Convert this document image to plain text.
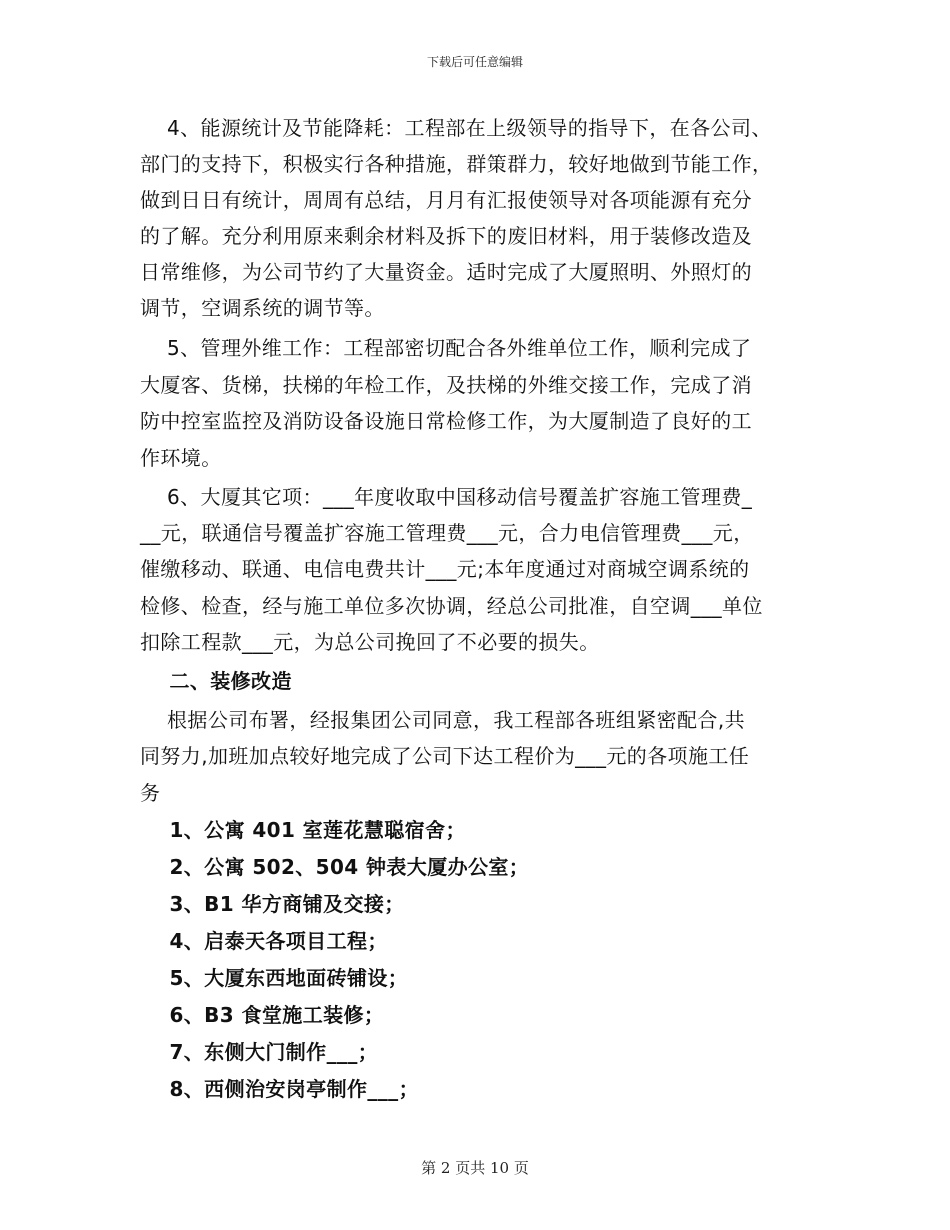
下载后可任意编辑
4、能源统计及节能降耗：工程部在上级领导的指导下，在各公司、
部门的支持下，积极实行各种措施，群策群力，较好地做到节能工作，
做到日日有统计，周周有总结，月月有汇报使领导对各项能源有充分
的了解。充分利用原来剩余材料及拆下的废旧材料，用于装修改造及
日常维修，为公司节约了大量资金。适时完成了大厦照明、外照灯的
调节，空调系统的调节等。
5、管理外维工作：工程部密切配合各外维单位工作，顺利完成了
大厦客、货梯，扶梯的年检工作，及扶梯的外维交接工作，完成了消
防中控室监控及消防设备设施日常检修工作，为大厦制造了良好的工
作环境。
6、大厦其它项：___年度收取中国移动信号覆盖扩容施工管理费_
__元，联通信号覆盖扩容施工管理费___元，合力电信管理费___元，
催缴移动、联通、电信电费共计___元;本年度通过对商城空调系统的
检修、检查，经与施工单位多次协调，经总公司批准，自空调___单位
扣除工程款___元，为总公司挽回了不必要的损失。
二、装修改造
根据公司布署，经报集团公司同意，我工程部各班组紧密配合,共
同努力,加班加点较好地完成了公司下达工程价为___元的各项施工任
务
1、公寓 401 室莲花慧聪宿舍；
2、公寓 502、504 钟表大厦办公室；
3、B1 华方商铺及交接；
4、启泰天各项目工程；
5、大厦东西地面砖铺设；
6、B3 食堂施工装修；
7、东侧大门制作___；
8、西侧治安岗亭制作___；
第 2 页共 10 页
